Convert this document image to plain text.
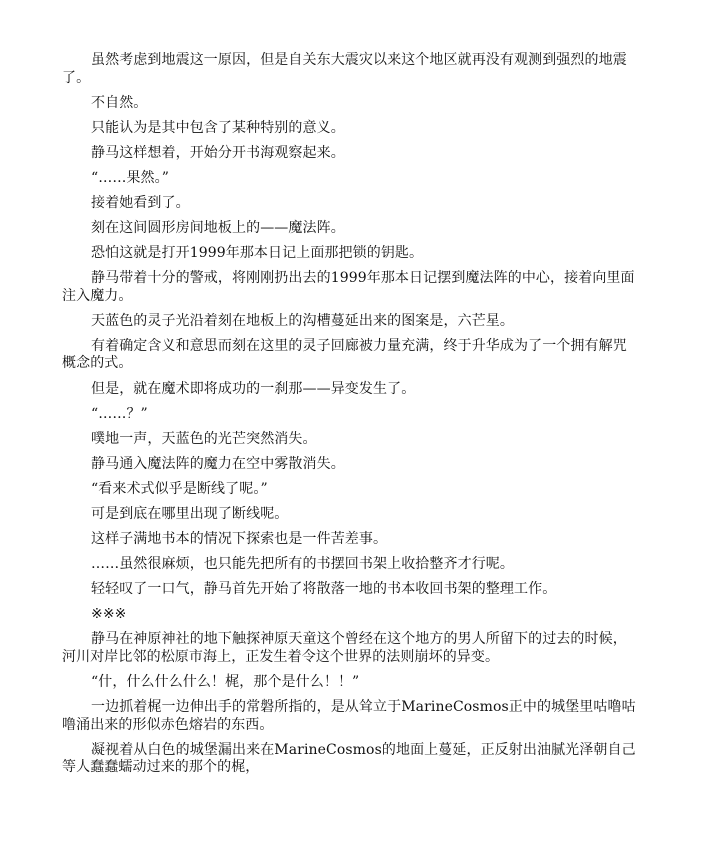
虽然考虑到地震这一原因，但是自关东大震灾以来这个地区就再没有观测到强烈的地震了。

不自然。

只能认为是其中包含了某种特别的意义。

静马这样想着，开始分开书海观察起来。

“……果然。”

接着她看到了。

刻在这间圆形房间地板上的——魔法阵。

恐怕这就是打开1999年那本日记上面那把锁的钥匙。

静马带着十分的警戒，将刚刚扔出去的1999年那本日记摆到魔法阵的中心，接着向里面注入魔力。

天蓝色的灵子光沿着刻在地板上的沟槽蔓延出来的图案是，六芒星。

有着确定含义和意思而刻在这里的灵子回廊被力量充满，终于升华成为了一个拥有解咒概念的式。

但是，就在魔术即将成功的一刹那——异变发生了。

“……？”

噗地一声，天蓝色的光芒突然消失。

静马通入魔法阵的魔力在空中雾散消失。

“看来术式似乎是断线了呢。”

可是到底在哪里出现了断线呢。

这样子满地书本的情况下探索也是一件苦差事。

……虽然很麻烦，也只能先把所有的书摆回书架上收拾整齐才行呢。

轻轻叹了一口气，静马首先开始了将散落一地的书本收回书架的整理工作。

※※※

静马在神原神社的地下触探神原天童这个曾经在这个地方的男人所留下的过去的时候，河川对岸比邻的松原市海上，正发生着令这个世界的法则崩坏的异变。

“什，什么什么什么！梶，那个是什么！！”

一边抓着梶一边伸出手的常磐所指的，是从耸立于MarineCosmos正中的城堡里咕噜咕噜涌出来的形似赤色熔岩的东西。

凝视着从白色的城堡漏出来在MarineCosmos的地面上蔓延，正反射出油腻光泽朝自己等人蠢蠢蠕动过来的那个的梶，
